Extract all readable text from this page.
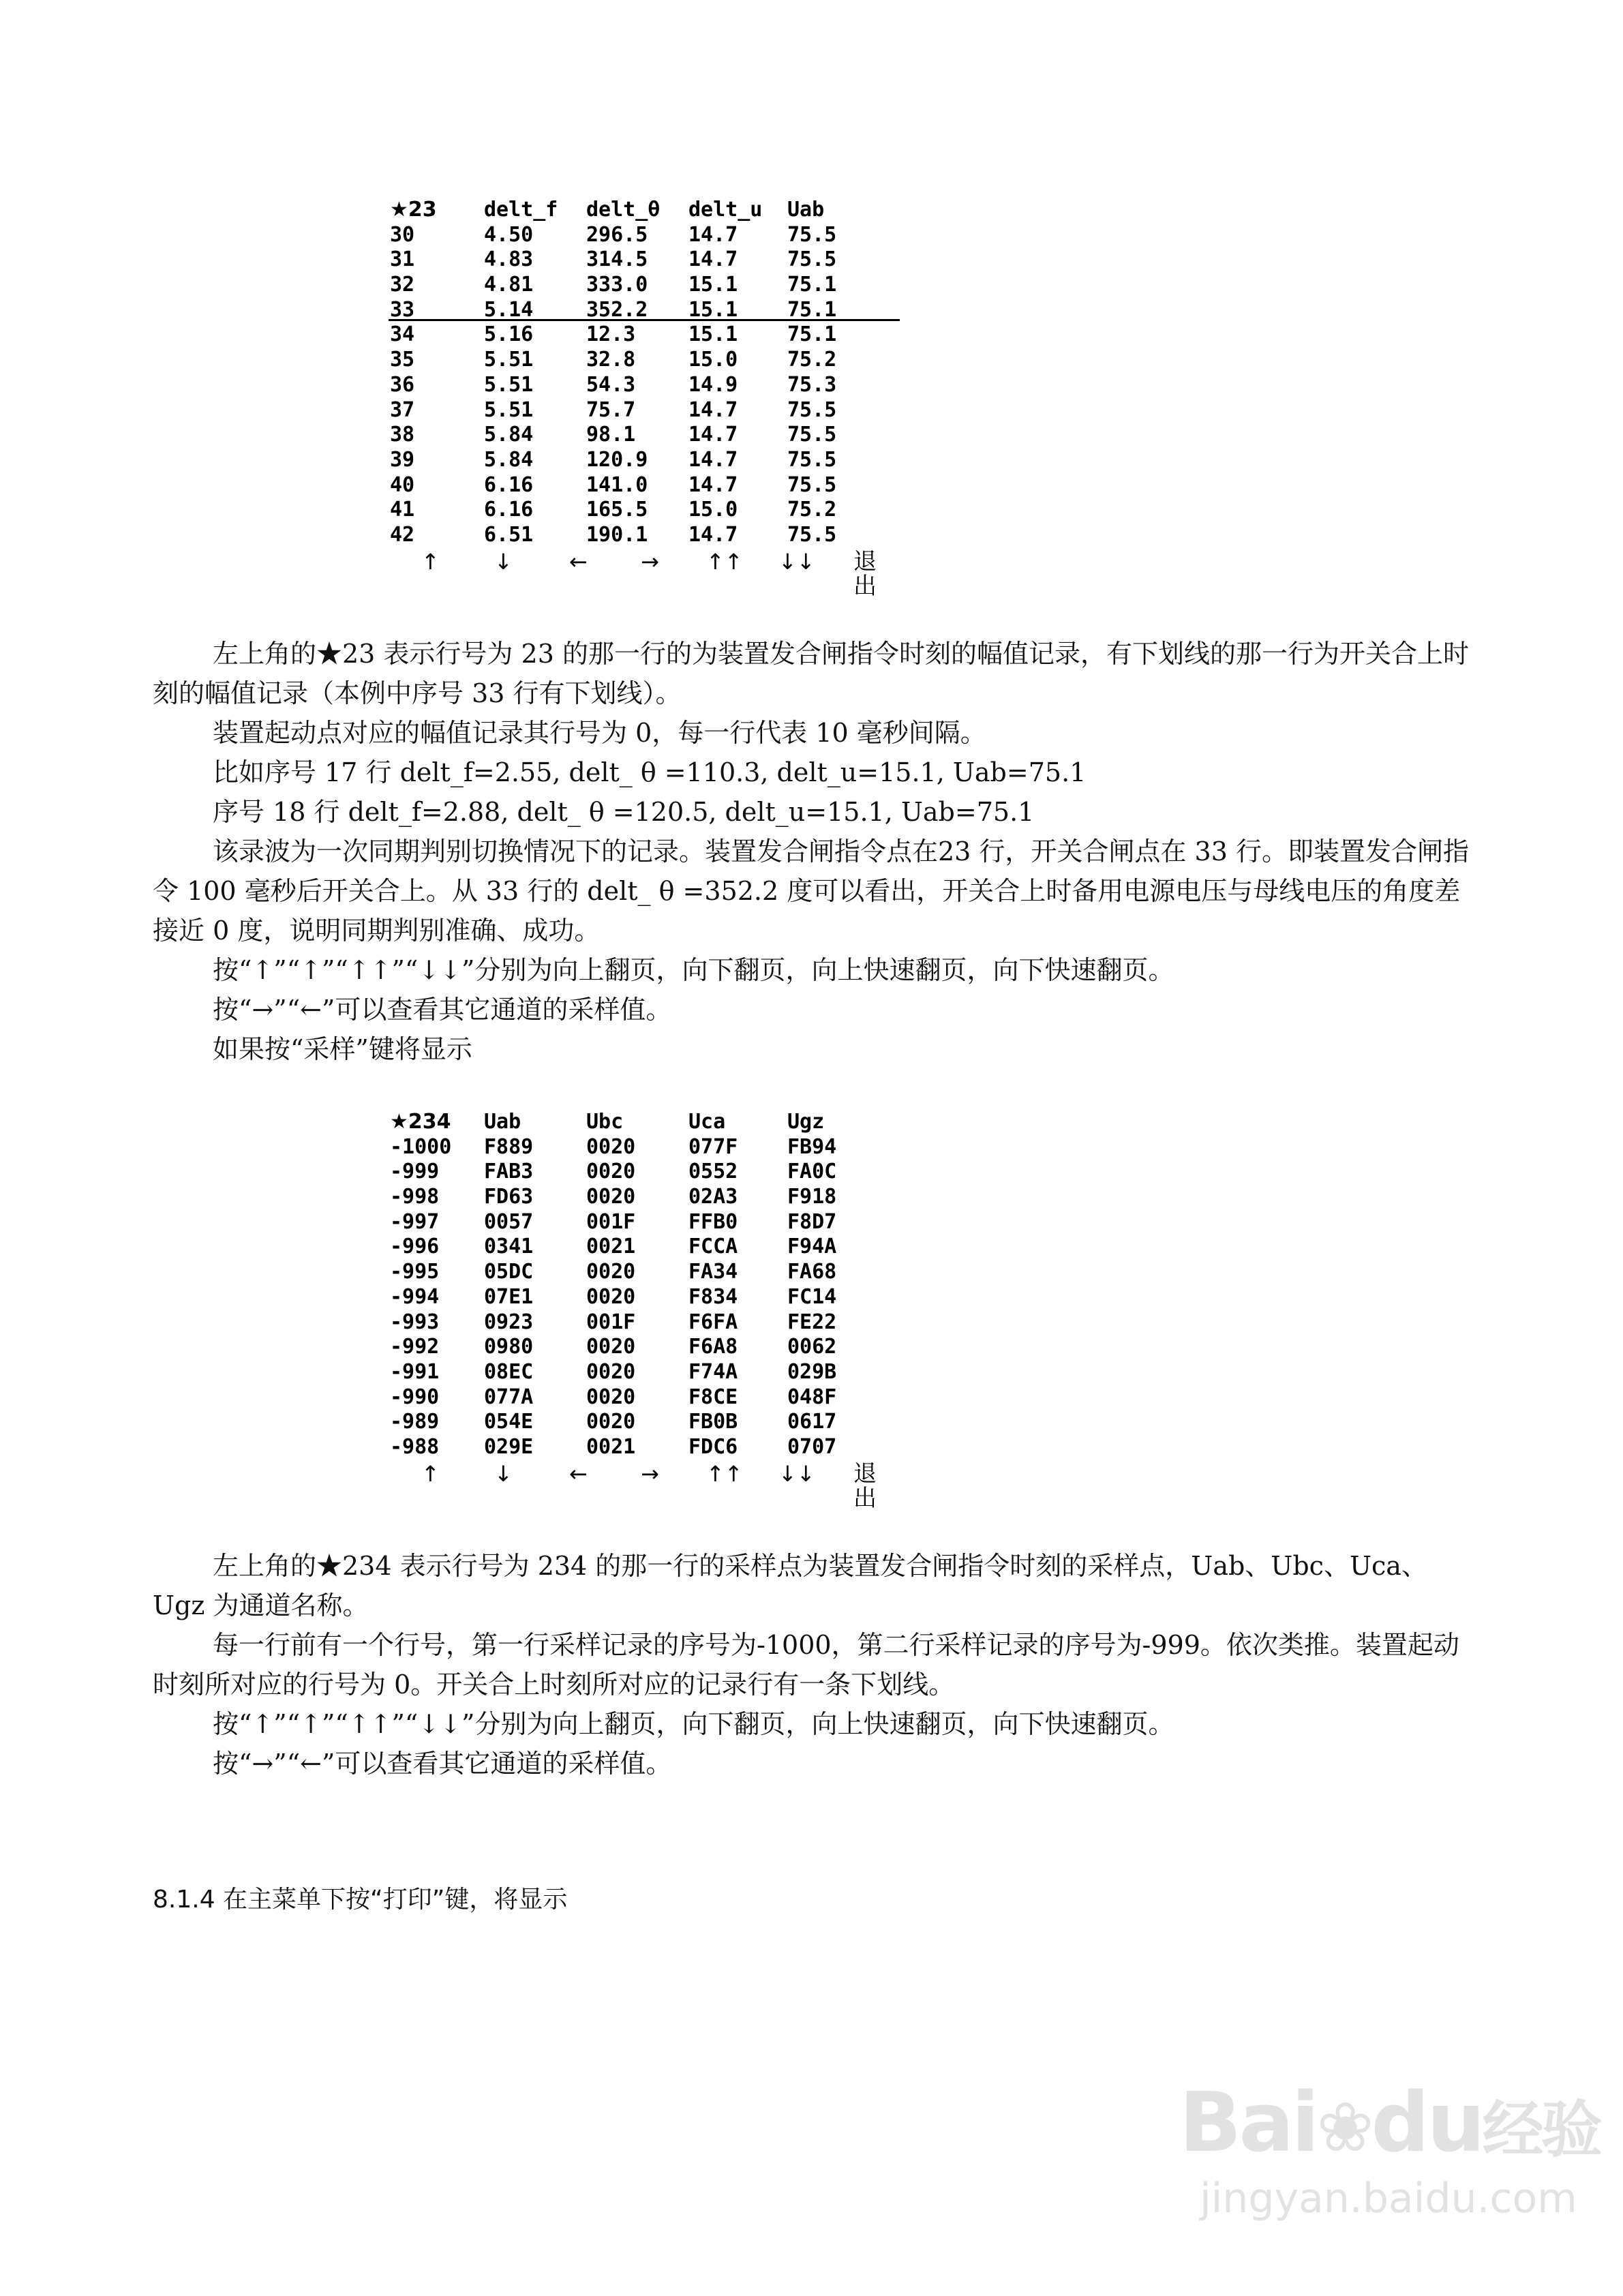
★23 delt_f delt_θ delt_u Uab
30	4.50	296.5 14.7 75.5
31	4.83	314.5 14.7 75.5
32	4.81	333.0 15.1 75.1
33	5.14	352.2 15.1 75.1
34	5.16	12.3	15.1 75.1
35	5.51	32.8	15.0 75.2
36	5.51	54.3	14.9 75.3
37	5.51	75.7	14.7 75.5
38	5.84	98.1	14.7 75.5
39	5.84	120.9 14.7 75.5
40	6.16	141.0 14.7 75.5
41	6.16	165.5 15.0 75.2
42	6.51	190.1 14.7 75.5
↑	↓	← → ↑↑ ↓↓ 退出

左上角的★23 表示行号为 23 的那一行的为装置发合闸指令时刻的幅值记录，有下划线的那一行为开关合上时刻的幅值记录（本例中序号 33 行有下划线）。

装置起动点对应的幅值记录其行号为 0，每一行代表 10 毫秒间隔。

比如序号 17 行 delt_f=2.55, delt_ θ =110.3, delt_u=15.1, Uab=75.1

序号 18 行 delt_f=2.88, delt_ θ =120.5, delt_u=15.1, Uab=75.1

该录波为一次同期判别切换情况下的记录。装置发合闸指令点在23 行，开关合闸点在 33 行。即装置发合闸指令 100 毫秒后开关合上。从 33 行的 delt_ θ =352.2 度可以看出，开关合上时备用电源电压与母线电压的角度差接近 0 度，说明同期判别准确、成功。

按“↑”“↑”“↑↑”“↓↓”分别为向上翻页，向下翻页，向上快速翻页，向下快速翻页。

按“→”“←”可以查看其它通道的采样值。

如果按“采样”键将显示

★234 Uab	Ubc	Uca	Ugz
-1000 F889	0020	077F FB94
-999 FAB3	0020	0552 FA0C
-998 FD63	0020	02A3 F918
-997 0057	001F	FFB0 F8D7
-996 0341	0021	FCCA F94A
-995 05DC	0020	FA34 FA68
-994 07E1	0020	F834 FC14
-993 0923	001F	F6FA FE22
-992 0980	0020	F6A8 0062
-991 08EC	0020	F74A 029B
-990 077A	0020	F8CE 048F
-989 054E	0020	FB0B 0617
-988 029E	0021	FDC6 0707
↑	↓	← → ↑↑ ↓↓ 退出

左上角的★234 表示行号为 234 的那一行的采样点为装置发合闸指令时刻的采样点，Uab、Ubc、Uca、Ugz 为通道名称。

每一行前有一个行号，第一行采样记录的序号为-1000，第二行采样记录的序号为-999。依次类推。装置起动时刻所对应的行号为 0。开关合上时刻所对应的记录行有一条下划线。

按“↑”“↑”“↑↑”“↓↓”分别为向上翻页，向下翻页，向上快速翻页，向下快速翻页。

按“→”“←”可以查看其它通道的采样值。

8.1.4 在主菜单下按“打印”键，将显示
Bai❀du经验
jingyan.baidu.com
